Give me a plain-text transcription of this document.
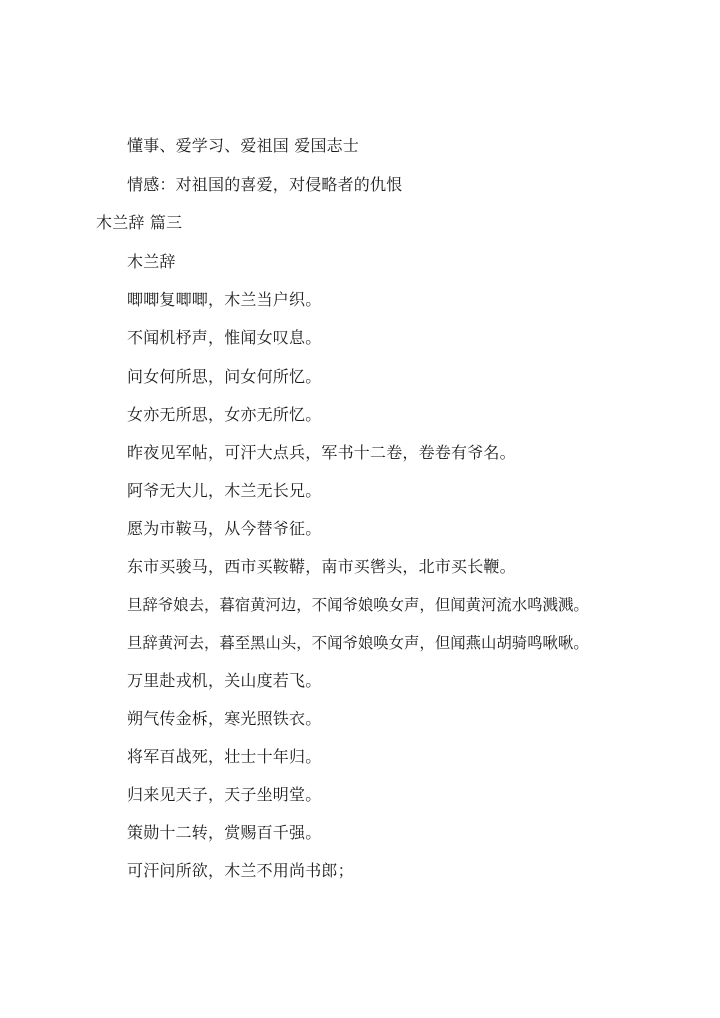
懂事、爱学习、爱祖国 爱国志士
情感：对祖国的喜爱，对侵略者的仇恨
木兰辞 篇三
木兰辞
唧唧复唧唧，木兰当户织。
不闻机杼声，惟闻女叹息。
问女何所思，问女何所忆。
女亦无所思，女亦无所忆。
昨夜见军帖，可汗大点兵，军书十二卷，卷卷有爷名。
阿爷无大儿，木兰无长兄。
愿为市鞍马，从今替爷征。
东市买骏马，西市买鞍鞯，南市买辔头，北市买长鞭。
旦辞爷娘去，暮宿黄河边，不闻爷娘唤女声，但闻黄河流水鸣溅溅。
旦辞黄河去，暮至黑山头，不闻爷娘唤女声，但闻燕山胡骑鸣啾啾。
万里赴戎机，关山度若飞。
朔气传金柝，寒光照铁衣。
将军百战死，壮士十年归。
归来见天子，天子坐明堂。
策勋十二转，赏赐百千强。
可汗问所欲，木兰不用尚书郎；
